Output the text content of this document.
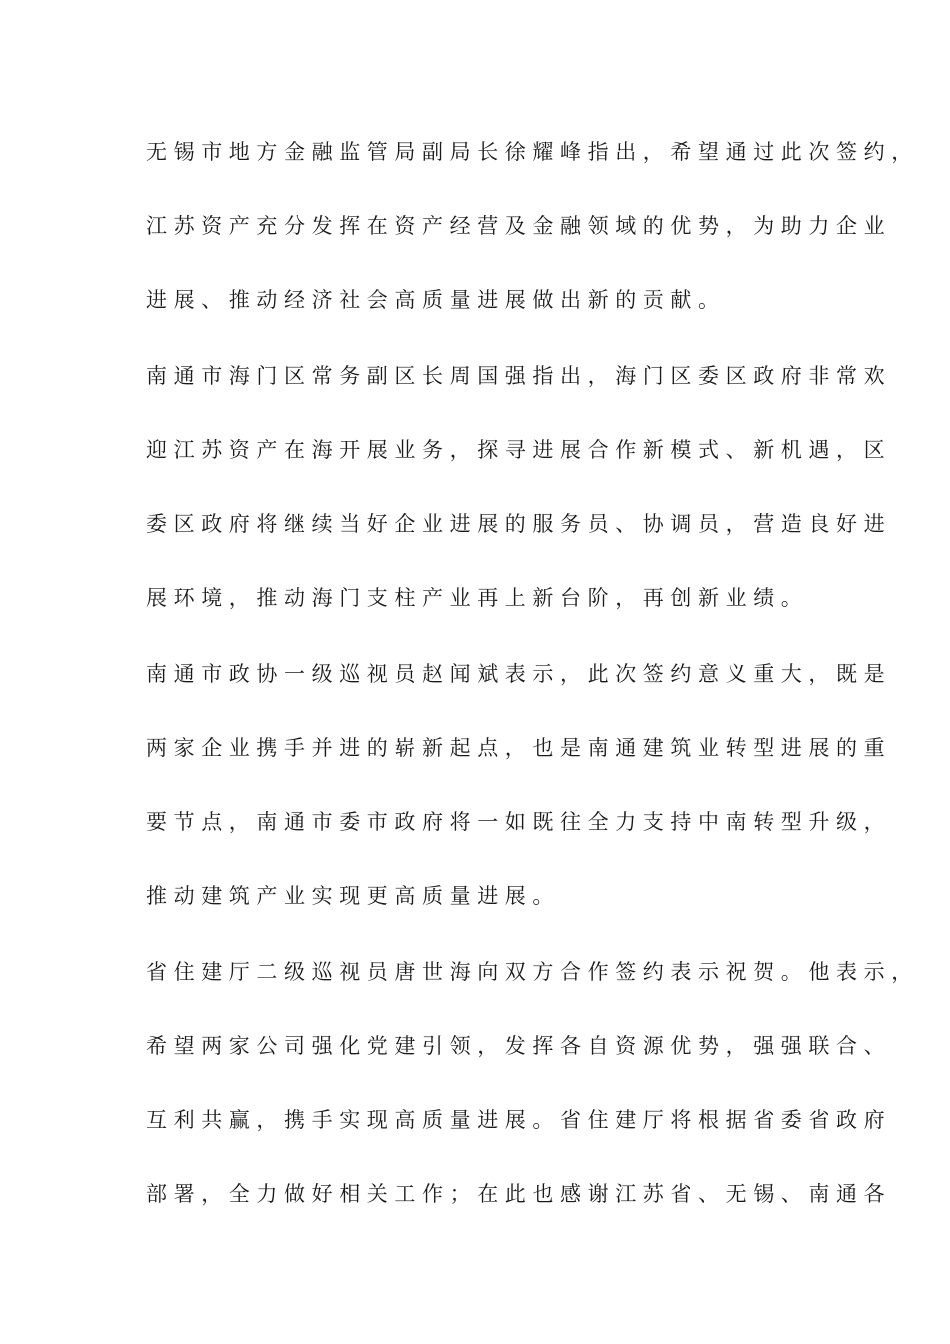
无锡市地方金融监管局副局长徐耀峰指出，希望通过此次签约，
江苏资产充分发挥在资产经营及金融领域的优势，为助力企业
进展、推动经济社会高质量进展做出新的贡献。
南通市海门区常务副区长周国强指出，海门区委区政府非常欢
迎江苏资产在海开展业务，探寻进展合作新模式、新机遇，区
委区政府将继续当好企业进展的服务员、协调员，营造良好进
展环境，推动海门支柱产业再上新台阶，再创新业绩。
南通市政协一级巡视员赵闻斌表示，此次签约意义重大，既是
两家企业携手并进的崭新起点，也是南通建筑业转型进展的重
要节点，南通市委市政府将一如既往全力支持中南转型升级，
推动建筑产业实现更高质量进展。
省住建厅二级巡视员唐世海向双方合作签约表示祝贺。他表示，
希望两家公司强化党建引领，发挥各自资源优势，强强联合、
互利共赢，携手实现高质量进展。省住建厅将根据省委省政府
部署，全力做好相关工作；在此也感谢江苏省、无锡、南通各
